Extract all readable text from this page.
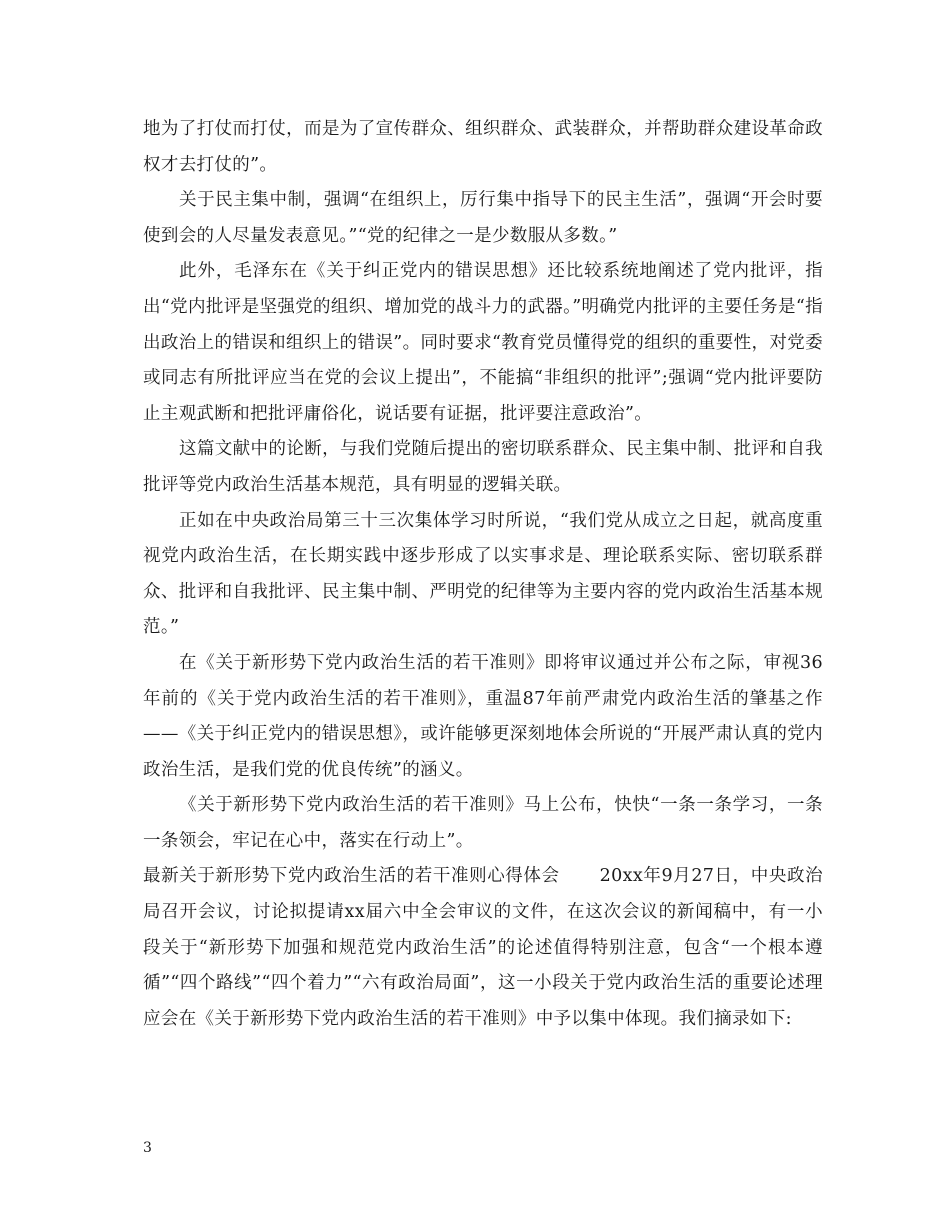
地为了打仗而打仗，而是为了宣传群众、组织群众、武装群众，并帮助群众建设革命政权才去打仗的”。

关于民主集中制，强调“在组织上，厉行集中指导下的民主生活”，强调“开会时要使到会的人尽量发表意见。”“党的纪律之一是少数服从多数。”

此外，毛泽东在《关于纠正党内的错误思想》还比较系统地阐述了党内批评，指出“党内批评是坚强党的组织、增加党的战斗力的武器。”明确党内批评的主要任务是“指出政治上的错误和组织上的错误”。同时要求“教育党员懂得党的组织的重要性，对党委或同志有所批评应当在党的会议上提出”，不能搞“非组织的批评”;强调“党内批评要防止主观武断和把批评庸俗化，说话要有证据，批评要注意政治”。

这篇文献中的论断，与我们党随后提出的密切联系群众、民主集中制、批评和自我批评等党内政治生活基本规范，具有明显的逻辑关联。

正如在中央政治局第三十三次集体学习时所说，“我们党从成立之日起，就高度重视党内政治生活，在长期实践中逐步形成了以实事求是、理论联系实际、密切联系群众、批评和自我批评、民主集中制、严明党的纪律等为主要内容的党内政治生活基本规范。”

在《关于新形势下党内政治生活的若干准则》即将审议通过并公布之际，审视36年前的《关于党内政治生活的若干准则》，重温87年前严肃党内政治生活的肇基之作——《关于纠正党内的错误思想》，或许能够更深刻地体会所说的“开展严肃认真的党内政治生活，是我们党的优良传统”的涵义。

《关于新形势下党内政治生活的若干准则》马上公布，快快“一条一条学习，一条一条领会，牢记在心中，落实在行动上”。

最新关于新形势下党内政治生活的若干准则心得体会 20xx年9月27日，中央政治局召开会议，讨论拟提请xx届六中全会审议的文件，在这次会议的新闻稿中，有一小段关于“新形势下加强和规范党内政治生活”的论述值得特别注意，包含“一个根本遵循”“四个路线”“四个着力”“六有政治局面”，这一小段关于党内政治生活的重要论述理应会在《关于新形势下党内政治生活的若干准则》中予以集中体现。我们摘录如下:

3
